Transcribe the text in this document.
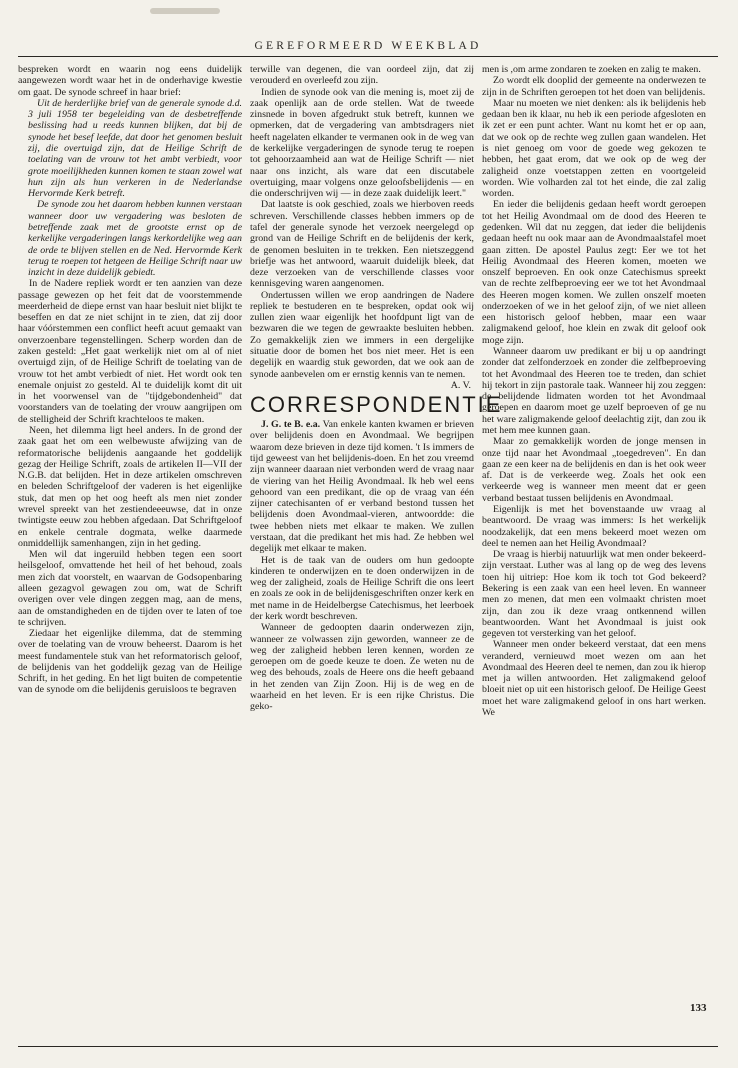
GEREFORMEERD WEEKBLAD

bespreken wordt en waarin nog eens duidelijk aangewezen wordt waar het in de onderhavige kwestie om gaat. De synode schreef in haar brief:

Uit de herderlijke brief van de generale synode d.d. 3 juli 1958 ter begeleiding van de desbetreffende beslissing had u reeds kunnen blijken, dat bij de synode het besef leefde, dat door het genomen besluit zij, die overtuigd zijn, dat de Heilige Schrift de toelating van de vrouw tot het ambt verbiedt, voor grote moeilijkheden kunnen komen te staan zowel wat hun zijn als hun verkeren in de Nederlandse Hervormde Kerk betreft.

De synode zou het daarom hebben kunnen verstaan wanneer door uw vergadering was besloten de betreffende zaak met de grootste ernst op de kerkelijke vergaderingen langs kerkordelijke weg aan de orde te blijven stellen en de Ned. Hervormde Kerk terug te roepen tot hetgeen de Heilige Schrift naar uw inzicht in deze duidelijk gebiedt.

In de Nadere repliek wordt er ten aanzien van deze passage gewezen op het feit dat de voorstemmende meerderheid de diepe ernst van haar besluit niet blijkt te beseffen en dat ze niet schijnt in te zien, dat zij door haar vóórstemmen een conflict heeft acuut gemaakt van onverzoenbare tegenstellingen. Scherp worden dan de zaken gesteld: „Het gaat werkelijk niet om al of niet overtuigd zijn, of de Heilige Schrift de toelating van de vrouw tot het ambt verbiedt of niet. Het wordt ook ten enemale onjuist zo gesteld. Al te duidelijk komt dit uit in het voorwensel van de "tijdgebondenheid" dat voorstanders van de toelating der vrouw aangrijpen om de stelligheid der Schrift krachteloos te maken.

Neen, het dilemma ligt heel anders. In de grond der zaak gaat het om een welbewuste afwijzing van de reformatorische belijdenis aangaande het goddelijk gezag der Heilige Schrift, zoals de artikelen II—VII der N.G.B. dat belijden. Het in deze artikelen omschreven en beleden Schriftgeloof der vaderen is het eigenlijke stuk, dat men op het oog heeft als men niet zonder wrevel spreekt van het zestiendeeeuwse, dat in onze twintigste eeuw zou hebben afgedaan. Dat Schriftgeloof en enkele centrale dogmata, welke daarmede onmiddellijk samenhangen, zijn in het geding.

Men wil dat ingeruild hebben tegen een soort heilsgeloof, omvattende het heil of het behoud, zoals men zich dat voorstelt, en waarvan de Godsopenbaring alleen gezagvol gewagen zou om, wat de Schrift overigen over vele dingen zeggen mag, aan de mens, aan de omstandigheden en de tijden over te laten of toe te schrijven.

Ziedaar het eigenlijke dilemma, dat de stemming over de toelating van de vrouw beheerst. Daarom is het meest fundamentele stuk van het reformatorisch geloof, de belijdenis van het goddelijk gezag van de Heilige Schrift, in het geding. En het ligt buiten de competentie van de synode om die belijdenis geruisloos te begraven

terwille van degenen, die van oordeel zijn, dat zij verouderd en overleefd zou zijn.

Indien de synode ook van die mening is, moet zij de zaak openlijk aan de orde stellen. Wat de tweede zinsnede in boven afgedrukt stuk betreft, kunnen we opmerken, dat de vergadering van ambtsdragers niet heeft nagelaten elkander te vermanen ook in de weg van de kerkelijke vergaderingen de synode terug te roepen tot gehoorzaamheid aan wat de Heilige Schrift — niet naar ons inzicht, als ware dat een discutabele overtuiging, maar volgens onze geloofsbelijdenis — en die onderschrijven wij — in deze zaak duidelijk leert."

Dat laatste is ook geschied, zoals we hierboven reeds schreven. Verschillende classes hebben immers op de tafel der generale synode het verzoek neergelegd op grond van de Heilige Schrift en de belijdenis der kerk, de genomen besluiten in te trekken. Een nietszeggend briefje was het antwoord, waaruit duidelijk bleek, dat deze verzoeken van de verschillende classes voor kennisgeving waren aangenomen.

Ondertussen willen we erop aandringen de Nadere repliek te bestuderen en te bespreken, opdat ook wij zullen zien waar eigenlijk het hoofdpunt ligt van de bezwaren die we tegen de gewraakte besluiten hebben. Zo gemakkelijk zien we immers in een dergelijke situatie door de bomen het bos niet meer. Het is een degelijk en waardig stuk geworden, dat we ook aan de synode aanbevelen om er ernstig kennis van te nemen.

A. V.

CORRESPONDENTIE

J. G. te B. e.a. Van enkele kanten kwamen er brieven over belijdenis doen en Avondmaal. We begrijpen waarom deze brieven in deze tijd komen. 't Is immers de tijd geweest van het belijdenis-doen. En het zou vreemd zijn wanneer daaraan niet verbonden werd de vraag naar de viering van het Heilig Avondmaal. Ik heb wel eens gehoord van een predikant, die op de vraag van één zijner catechisanten of er verband bestond tussen het belijdenis doen Avondmaal-vieren, antwoordde: die twee hebben niets met elkaar te maken. We zullen verstaan, dat die predikant het mis had. Ze hebben wel degelijk met elkaar te maken.

Het is de taak van de ouders om hun gedoopte kinderen te onderwijzen en te doen onderwijzen in de weg der zaligheid, zoals de Heilige Schrift die ons leert en zoals ze ook in de belijdenisgeschriften onzer kerk en met name in de Heidelbergse Catechismus, het leerboek der kerk wordt beschreven.

Wanneer de gedoopten daarin onderwezen zijn, wanneer ze volwassen zijn geworden, wanneer ze de weg der zaligheid hebben leren kennen, worden ze geroepen om de goede keuze te doen. Ze weten nu de weg des behouds, zoals de Heere ons die heeft gebaand in het zenden van Zijn Zoon. Hij is de weg en de waarheid en het leven. Er is een rijke Christus. Die geko-

men is ,om arme zondaren te zoeken en zalig te maken.

Zo wordt elk dooplid der gemeente na onderwezen te zijn in de Schriften geroepen tot het doen van belijdenis.

Maar nu moeten we niet denken: als ik belijdenis heb gedaan ben ik klaar, nu heb ik een periode afgesloten en ik zet er een punt achter. Want nu komt het er op aan, dat we ook op de rechte weg zullen gaan wandelen. Het is niet genoeg om voor de goede weg gekozen te hebben, het gaat erom, dat we ook op de weg der zaligheid onze voetstappen zetten en voortgeleid worden. Wie volharden zal tot het einde, die zal zalig worden.

En ieder die belijdenis gedaan heeft wordt geroepen tot het Heilig Avondmaal om de dood des Heeren te gedenken. Wil dat nu zeggen, dat ieder die belijdenis gedaan heeft nu ook maar aan de Avondmaalstafel moet gaan zitten. De apostel Paulus zegt: Eer we tot het Heilig Avondmaal des Heeren komen, moeten we onszelf beproeven. En ook onze Catechismus spreekt van de rechte zelfbeproeving eer we tot het Avondmaal des Heeren mogen komen. We zullen onszelf moeten onderzoeken of we in het geloof zijn, of we niet alleen een historisch geloof hebben, maar een waar zaligmakend geloof, hoe klein en zwak dit geloof ook moge zijn.

Wanneer daarom uw predikant er bij u op aandringt zonder dat zelfonderzoek en zonder die zelfbeproeving tot het Avondmaal des Heeren toe te treden, dan schiet hij tekort in zijn pastorale taak. Wanneer hij zou zeggen: de belijdende lidmaten worden tot het Avondmaal geroepen en daarom moet ge uzelf beproeven of ge nu het ware zaligmakende geloof deelachtig zijt, dan zou ik met hem mee kunnen gaan.

Maar zo gemakkelijk worden de jonge mensen in onze tijd naar het Avondmaal „toegedreven". En dan gaan ze een keer na de belijdenis en dan is het ook weer af. Dat is de verkeerde weg. Zoals het ook een verkeerde weg is wanneer men meent dat er geen verband bestaat tussen belijdenis en Avondmaal.

Eigenlijk is met het bovenstaande uw vraag al beantwoord. De vraag was immers: Is het werkelijk noodzakelijk, dat een mens bekeerd moet wezen om deel te nemen aan het Heilig Avondmaal?

De vraag is hierbij natuurlijk wat men onder bekeerd-zijn verstaat. Luther was al lang op de weg des levens toen hij uitriep: Hoe kom ik toch tot God bekeerd? Bekering is een zaak van een heel leven. En wanneer men zo menen, dat men een volmaakt christen moet zijn, dan zou ik deze vraag ontkennend willen beantwoorden. Want het Avondmaal is juist ook gegeven tot versterking van het geloof.

Wanneer men onder bekeerd verstaat, dat een mens veranderd, vernieuwd moet wezen om aan het Avondmaal des Heeren deel te nemen, dan zou ik hierop met ja willen antwoorden. Het zaligmakend geloof bloeit niet op uit een historisch geloof. De Heilige Geest moet het ware zaligmakend geloof in ons hart werken. We

133
